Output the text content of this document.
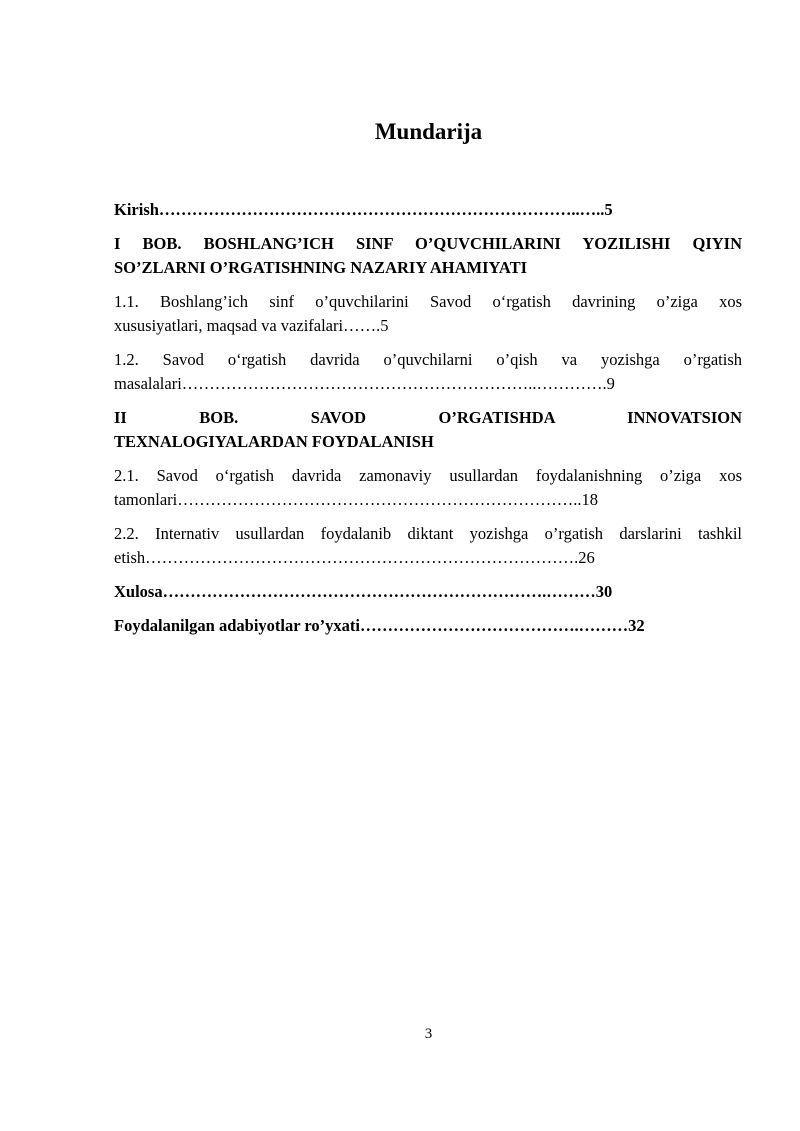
Mundarija

Kirish…………………………………………………………………..…..5

I BOB. BOSHLANG’ICH SINF O’QUVCHILARINI YOZILISHI QIYIN
SO’ZLARNI O’RGATISHNING NAZARIY AHAMIYATI

1.1. Boshlang’ich sinf o’quvchilarini Savod o‘rgatish davrining o’ziga xos
xususiyatlari, maqsad va vazifalari…….5

1.2. Savod o‘rgatish davrida o’quvchilarni o’qish va yozishga o’rgatish
masalalari………………………………………………………..………….9

II BOB. SAVOD O’RGATISHDA INNOVATSION
TEXNALOGIYALARDAN FOYDALANISH

2.1. Savod o‘rgatish davrida zamonaviy usullardan foydalanishning o’ziga xos
tamonlari………………………………………………………………..18

2.2. Internativ usullardan foydalanib diktant yozishga o’rgatish darslarini tashkil
etish…………………………………………………………………….26

Xulosa…………………………………………………………….………30

Foydalanilgan adabiyotlar ro’yxati………………………………….………32

3
